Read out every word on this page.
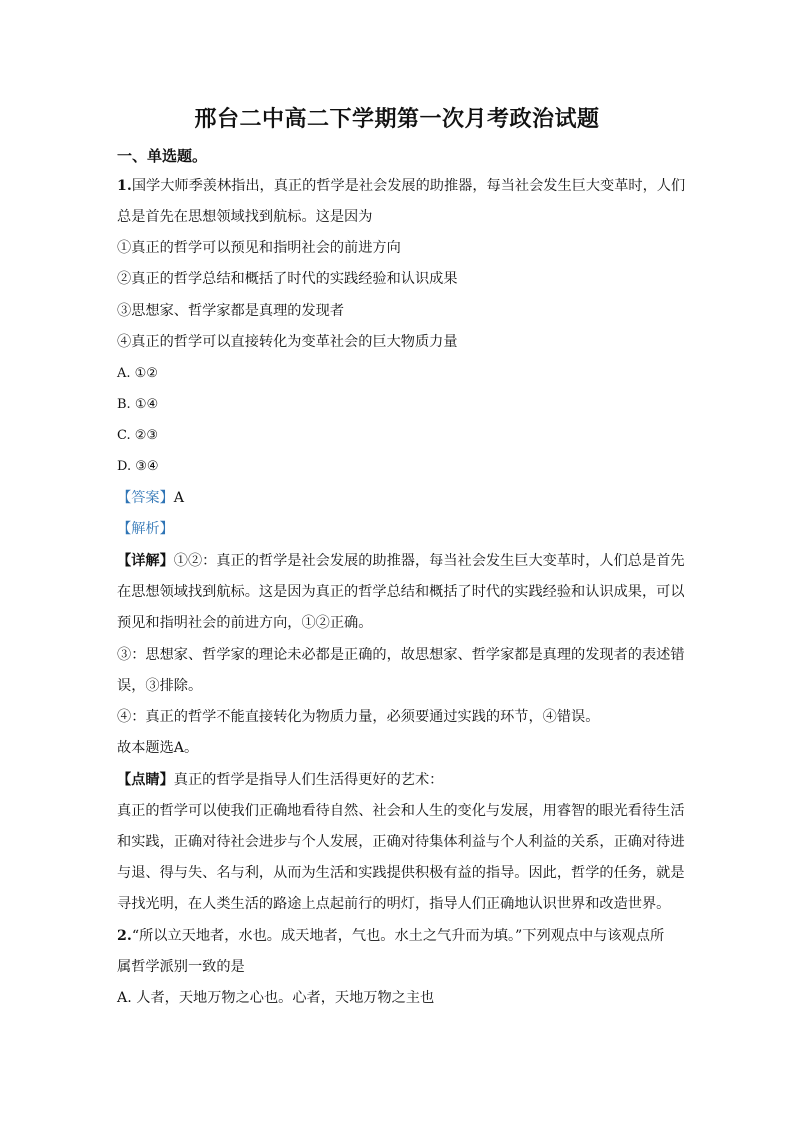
邢台二中高二下学期第一次月考政治试题
一、单选题。
1.国学大师季羡林指出，真正的哲学是社会发展的助推器，每当社会发生巨大变革时，人们
总是首先在思想领域找到航标。这是因为
①真正的哲学可以预见和指明社会的前进方向
②真正的哲学总结和概括了时代的实践经验和认识成果
③思想家、哲学家都是真理的发现者
④真正的哲学可以直接转化为变革社会的巨大物质力量
A. ①②
B. ①④
C. ②③
D. ③④
【答案】A
【解析】
【详解】①②：真正的哲学是社会发展的助推器，每当社会发生巨大变革时，人们总是首先
在思想领域找到航标。这是因为真正的哲学总结和概括了时代的实践经验和认识成果，可以
预见和指明社会的前进方向，①②正确。
③：思想家、哲学家的理论未必都是正确的，故思想家、哲学家都是真理的发现者的表述错
误，③排除。
④：真正的哲学不能直接转化为物质力量，必须要通过实践的环节，④错误。
故本题选A。
【点睛】真正的哲学是指导人们生活得更好的艺术：
真正的哲学可以使我们正确地看待自然、社会和人生的变化与发展，用睿智的眼光看待生活
和实践，正确对待社会进步与个人发展，正确对待集体利益与个人利益的关系，正确对待进
与退、得与失、名与利，从而为生活和实践提供积极有益的指导。因此，哲学的任务，就是
寻找光明，在人类生活的路途上点起前行的明灯，指导人们正确地认识世界和改造世界。
2.“所以立天地者，水也。成天地者，气也。水土之气升而为填。”下列观点中与该观点所
属哲学派别一致的是
A. 人者，天地万物之心也。心者，天地万物之主也
